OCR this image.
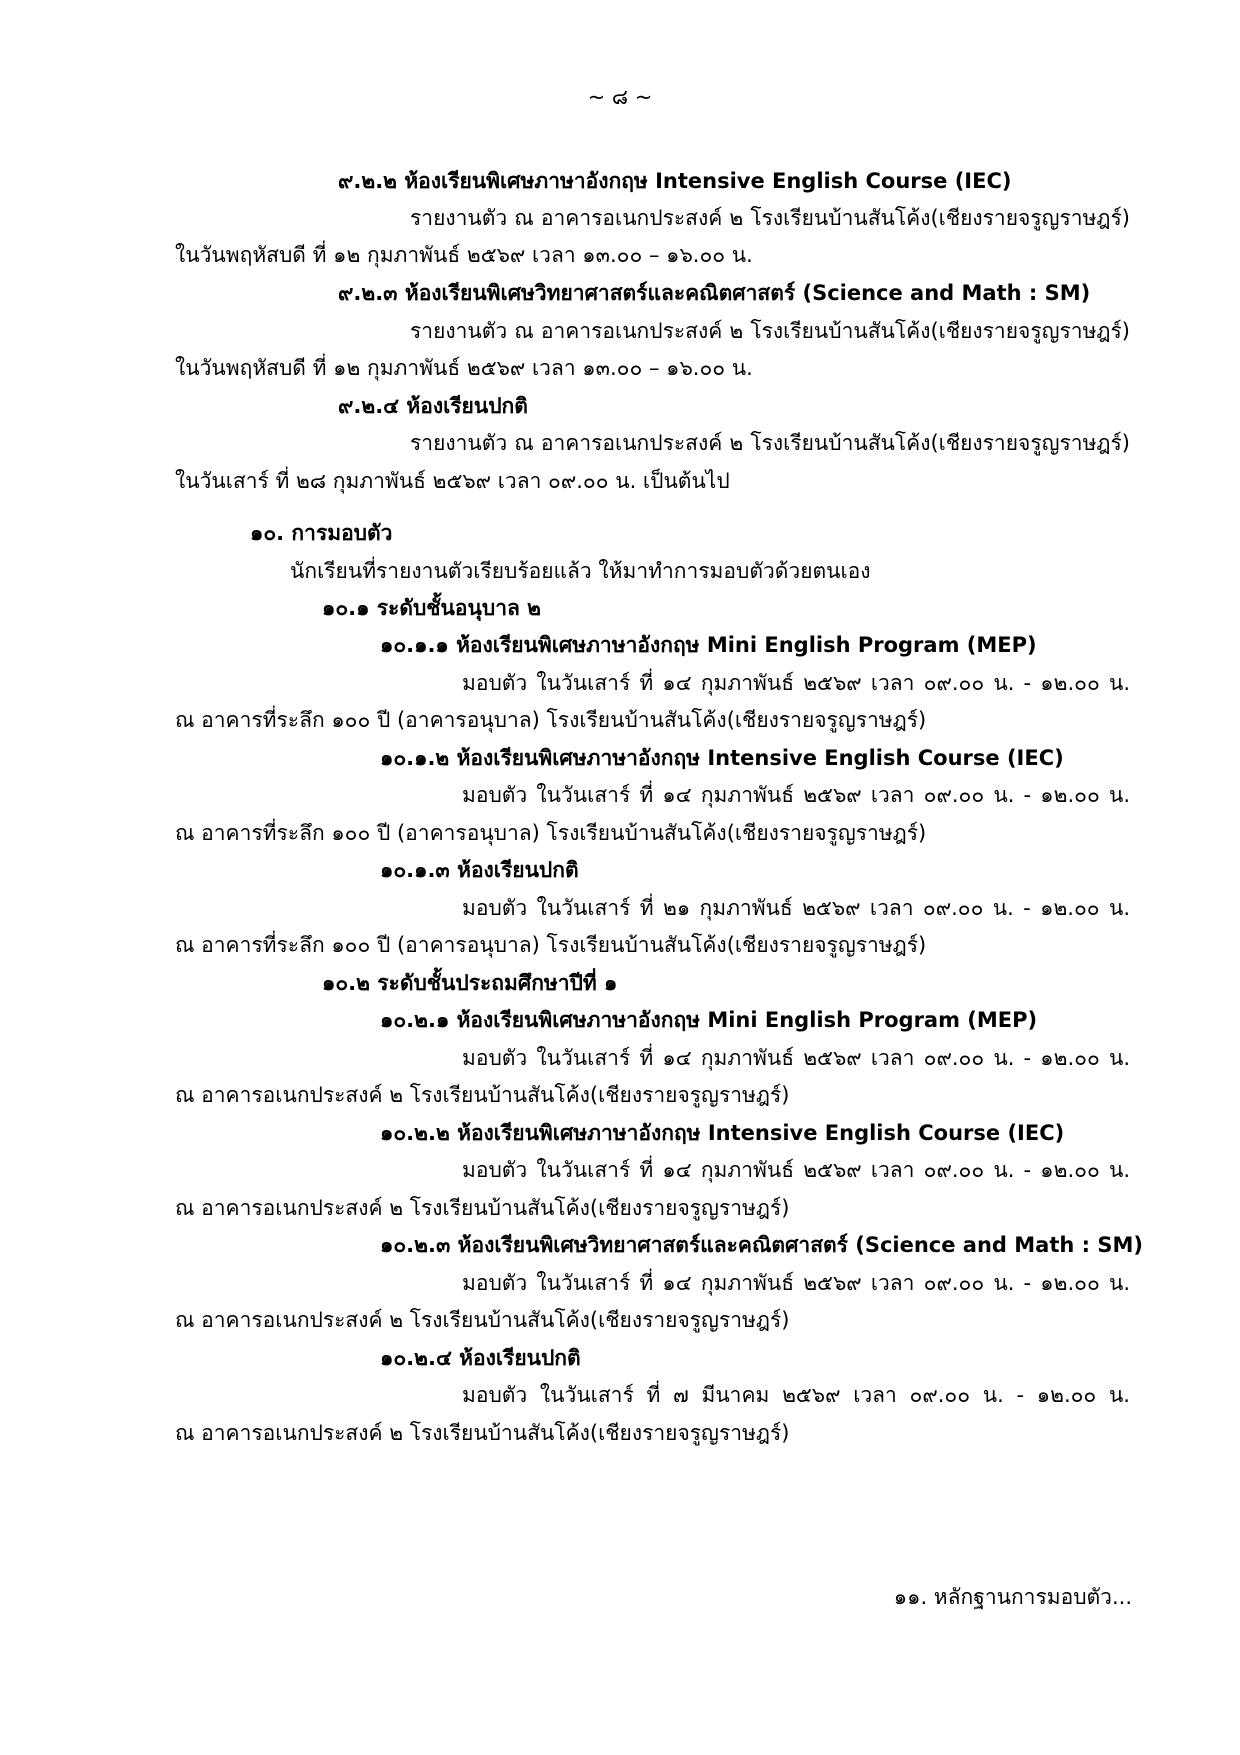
~ ๘ ~

๙.๒.๒ ห้องเรียนพิเศษภาษาอังกฤษ Intensive English Course (IEC)

รายงานตัว ณ อาคารอเนกประสงค์ ๒ โรงเรียนบ้านสันโค้ง(เชียงรายจรูญราษฎร์)

ในวันพฤหัสบดี ที่ ๑๒ กุมภาพันธ์ ๒๕๖๙ เวลา ๑๓.๐๐ – ๑๖.๐๐ น.

๙.๒.๓ ห้องเรียนพิเศษวิทยาศาสตร์และคณิตศาสตร์ (Science and Math : SM)

รายงานตัว ณ อาคารอเนกประสงค์ ๒ โรงเรียนบ้านสันโค้ง(เชียงรายจรูญราษฎร์)

ในวันพฤหัสบดี ที่ ๑๒ กุมภาพันธ์ ๒๕๖๙ เวลา ๑๓.๐๐ – ๑๖.๐๐ น.

๙.๒.๔ ห้องเรียนปกติ

รายงานตัว ณ อาคารอเนกประสงค์ ๒ โรงเรียนบ้านสันโค้ง(เชียงรายจรูญราษฎร์)

ในวันเสาร์ ที่ ๒๘ กุมภาพันธ์ ๒๕๖๙ เวลา ๐๙.๐๐ น. เป็นต้นไป

๑๐. การมอบตัว

นักเรียนที่รายงานตัวเรียบร้อยแล้ว ให้มาทำการมอบตัวด้วยตนเอง

๑๐.๑ ระดับชั้นอนุบาล ๒

๑๐.๑.๑ ห้องเรียนพิเศษภาษาอังกฤษ Mini English Program (MEP)

มอบตัว ในวันเสาร์ ที่ ๑๔ กุมภาพันธ์ ๒๕๖๙ เวลา ๐๙.๐๐ น. - ๑๒.๐๐ น.

ณ อาคารที่ระลึก ๑๐๐ ปี (อาคารอนุบาล) โรงเรียนบ้านสันโค้ง(เชียงรายจรูญราษฎร์)

๑๐.๑.๒ ห้องเรียนพิเศษภาษาอังกฤษ Intensive English Course (IEC)

มอบตัว ในวันเสาร์ ที่ ๑๔ กุมภาพันธ์ ๒๕๖๙ เวลา ๐๙.๐๐ น. - ๑๒.๐๐ น.

ณ อาคารที่ระลึก ๑๐๐ ปี (อาคารอนุบาล) โรงเรียนบ้านสันโค้ง(เชียงรายจรูญราษฎร์)

๑๐.๑.๓ ห้องเรียนปกติ

มอบตัว ในวันเสาร์ ที่ ๒๑ กุมภาพันธ์ ๒๕๖๙ เวลา ๐๙.๐๐ น. - ๑๒.๐๐ น.

ณ อาคารที่ระลึก ๑๐๐ ปี (อาคารอนุบาล) โรงเรียนบ้านสันโค้ง(เชียงรายจรูญราษฎร์)

๑๐.๒ ระดับชั้นประถมศึกษาปีที่ ๑

๑๐.๒.๑ ห้องเรียนพิเศษภาษาอังกฤษ Mini English Program (MEP)

มอบตัว ในวันเสาร์ ที่ ๑๔ กุมภาพันธ์ ๒๕๖๙ เวลา ๐๙.๐๐ น. - ๑๒.๐๐ น.

ณ อาคารอเนกประสงค์ ๒ โรงเรียนบ้านสันโค้ง(เชียงรายจรูญราษฎร์)

๑๐.๒.๒ ห้องเรียนพิเศษภาษาอังกฤษ Intensive English Course (IEC)

มอบตัว ในวันเสาร์ ที่ ๑๔ กุมภาพันธ์ ๒๕๖๙ เวลา ๐๙.๐๐ น. - ๑๒.๐๐ น.

ณ อาคารอเนกประสงค์ ๒ โรงเรียนบ้านสันโค้ง(เชียงรายจรูญราษฎร์)

๑๐.๒.๓ ห้องเรียนพิเศษวิทยาศาสตร์และคณิตศาสตร์ (Science and Math : SM)

มอบตัว ในวันเสาร์ ที่ ๑๔ กุมภาพันธ์ ๒๕๖๙ เวลา ๐๙.๐๐ น. - ๑๒.๐๐ น.

ณ อาคารอเนกประสงค์ ๒ โรงเรียนบ้านสันโค้ง(เชียงรายจรูญราษฎร์)

๑๐.๒.๔ ห้องเรียนปกติ

มอบตัว ในวันเสาร์ ที่ ๗ มีนาคม ๒๕๖๙ เวลา ๐๙.๐๐ น. - ๑๒.๐๐ น.

ณ อาคารอเนกประสงค์ ๒ โรงเรียนบ้านสันโค้ง(เชียงรายจรูญราษฎร์)

๑๑. หลักฐานการมอบตัว...
